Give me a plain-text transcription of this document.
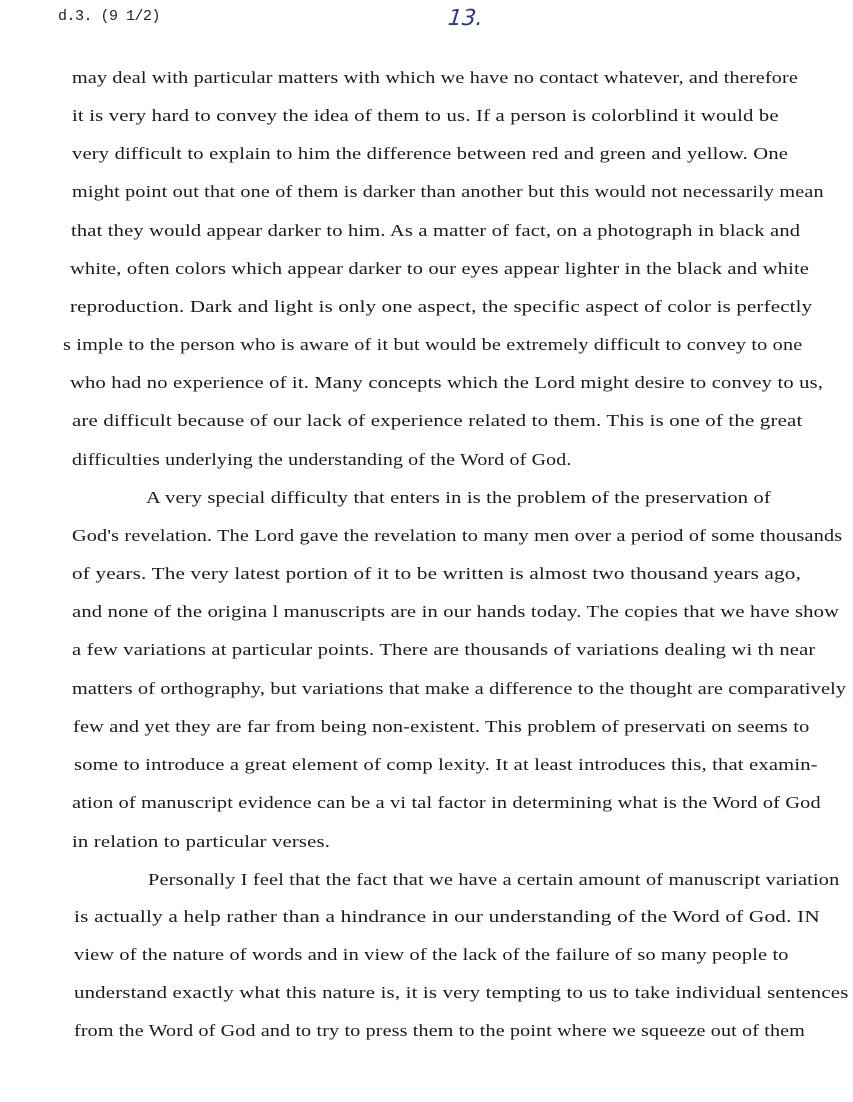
d.3. (9 1/2)	13.
may deal with particular matters with which we have no contact whatever, and therefore
it is very hard to convey the idea of them to us. If a person is colorblind it would be
very difficult to explain to him the difference between red and green and yellow. One
might point out that one of them is darker than another but this would not necessarily mean
that they would appear darker to him. As a matter of fact, on a photograph in black and
white, often colors which appear darker to our eyes appear lighter in the black and white
reproduction. Dark and light is only one aspect, the specific aspect of color is perfectly
s imple to the person who is aware of it but would be extremely difficult to convey to one
who had no experience of it. Many concepts which the Lord might desire to convey to us,
are difficult because of our lack of experience related to them. This is one of the great
difficulties underlying the understanding of the Word of God.
A very special difficulty that enters in is the problem of the preservation of
God's revelation. The Lord gave the revelation to many men over a period of some thousands
of years. The very latest portion of it to be written is almost two thousand years ago,
and none of the origina l manuscripts are in our hands today. The copies that we have show
a few variations at particular points. There are thousands of variations dealing wi th near
matters of orthography, but variations that make a difference to the thought are comparatively
few and yet they are far from being non-existent. This problem of preservati on seems to
some to introduce a great element of comp lexity. It at least introduces this, that examin-
ation of manuscript evidence can be a vi tal factor in determining what is the Word of God
in relation to particular verses.
Personally I feel that the fact that we have a certain amount of manuscript variation
is actually a help rather than a hindrance in our understanding of the Word of God. IN
view of the nature of words and in view of the lack of the failure of so many people to
understand exactly what this nature is, it is very tempting to us to take individual sentences
from the Word of God and to try to press them to the point where we squeeze out of them
